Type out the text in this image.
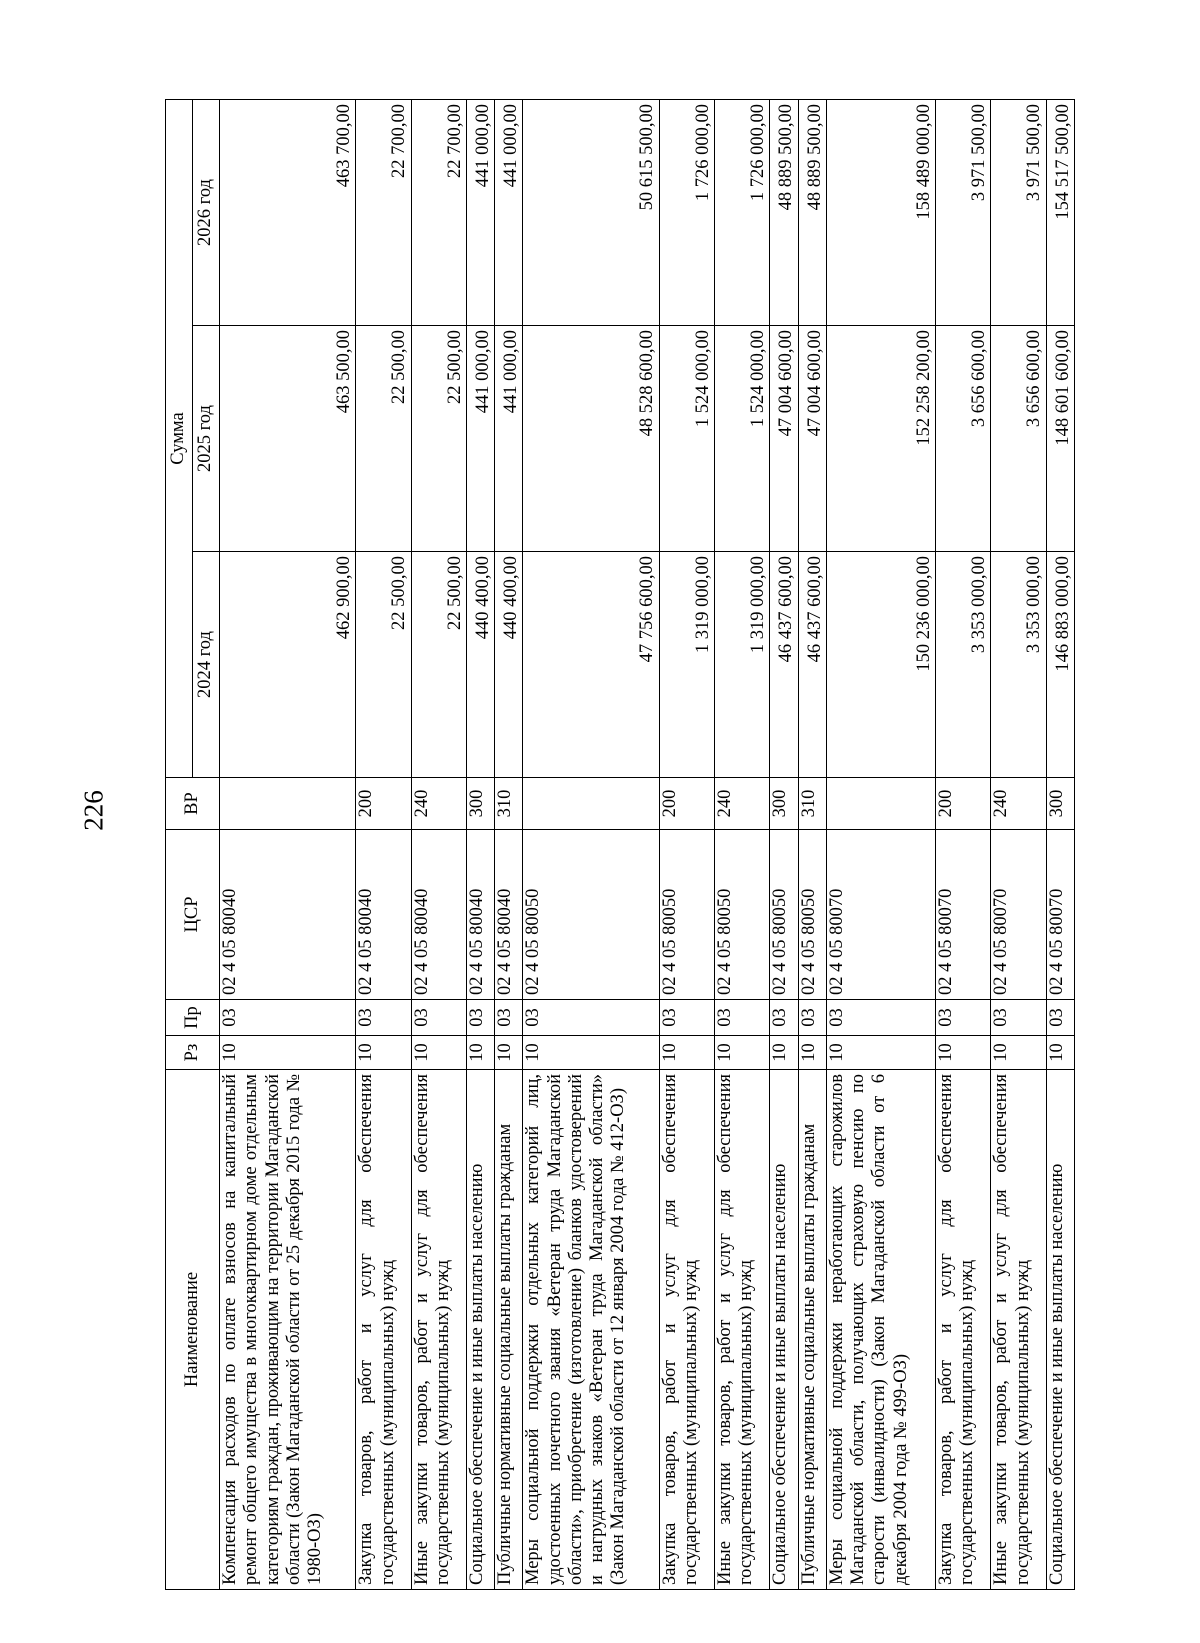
226
Наименование	Рз	Пр	ЦСР	ВР	Сумма		
					2024 год	2025 год	2026 год
Компенсация расходов по оплате взносов на капитальный ремонт общего имущества в многоквартирном доме отдельным категориям граждан, проживающим на территории Магаданской области (Закон Магаданской области от 25 декабря 2015 года № 1980-ОЗ)	10	03	02 4 05 80040		462 900,00	463 500,00	463 700,00
Закупка товаров, работ и услуг для обеспечения государственных (муниципальных) нужд	10	03	02 4 05 80040	200	22 500,00	22 500,00	22 700,00
Иные закупки товаров, работ и услуг для обеспечения государственных (муниципальных) нужд	10	03	02 4 05 80040	240	22 500,00	22 500,00	22 700,00
Социальное обеспечение и иные выплаты населению	10	03	02 4 05 80040	300	440 400,00	441 000,00	441 000,00
Публичные нормативные социальные выплаты гражданам	10	03	02 4 05 80040	310	440 400,00	441 000,00	441 000,00
Меры социальной поддержки отдельных категорий лиц, удостоенных почетного звания «Ветеран труда Магаданской области», приобретение (изготовление) бланков удостоверений и нагрудных знаков «Ветеран труда Магаданской области» (Закон Магаданской области от 12 января 2004 года № 412-ОЗ)	10	03	02 4 05 80050		47 756 600,00	48 528 600,00	50 615 500,00
Закупка товаров, работ и услуг для обеспечения государственных (муниципальных) нужд	10	03	02 4 05 80050	200	1 319 000,00	1 524 000,00	1 726 000,00
Иные закупки товаров, работ и услуг для обеспечения государственных (муниципальных) нужд	10	03	02 4 05 80050	240	1 319 000,00	1 524 000,00	1 726 000,00
Социальное обеспечение и иные выплаты населению	10	03	02 4 05 80050	300	46 437 600,00	47 004 600,00	48 889 500,00
Публичные нормативные социальные выплаты гражданам	10	03	02 4 05 80050	310	46 437 600,00	47 004 600,00	48 889 500,00
Меры социальной поддержки неработающих старожилов Магаданской области, получающих страховую пенсию по старости (инвалидности) (Закон Магаданской области от 6 декабря 2004 года № 499-ОЗ)	10	03	02 4 05 80070		150 236 000,00	152 258 200,00	158 489 000,00
Закупка товаров, работ и услуг для обеспечения государственных (муниципальных) нужд	10	03	02 4 05 80070	200	3 353 000,00	3 656 600,00	3 971 500,00
Иные закупки товаров, работ и услуг для обеспечения государственных (муниципальных) нужд	10	03	02 4 05 80070	240	3 353 000,00	3 656 600,00	3 971 500,00
Социальное обеспечение и иные выплаты населению	10	03	02 4 05 80070	300	146 883 000,00	148 601 600,00	154 517 500,00
